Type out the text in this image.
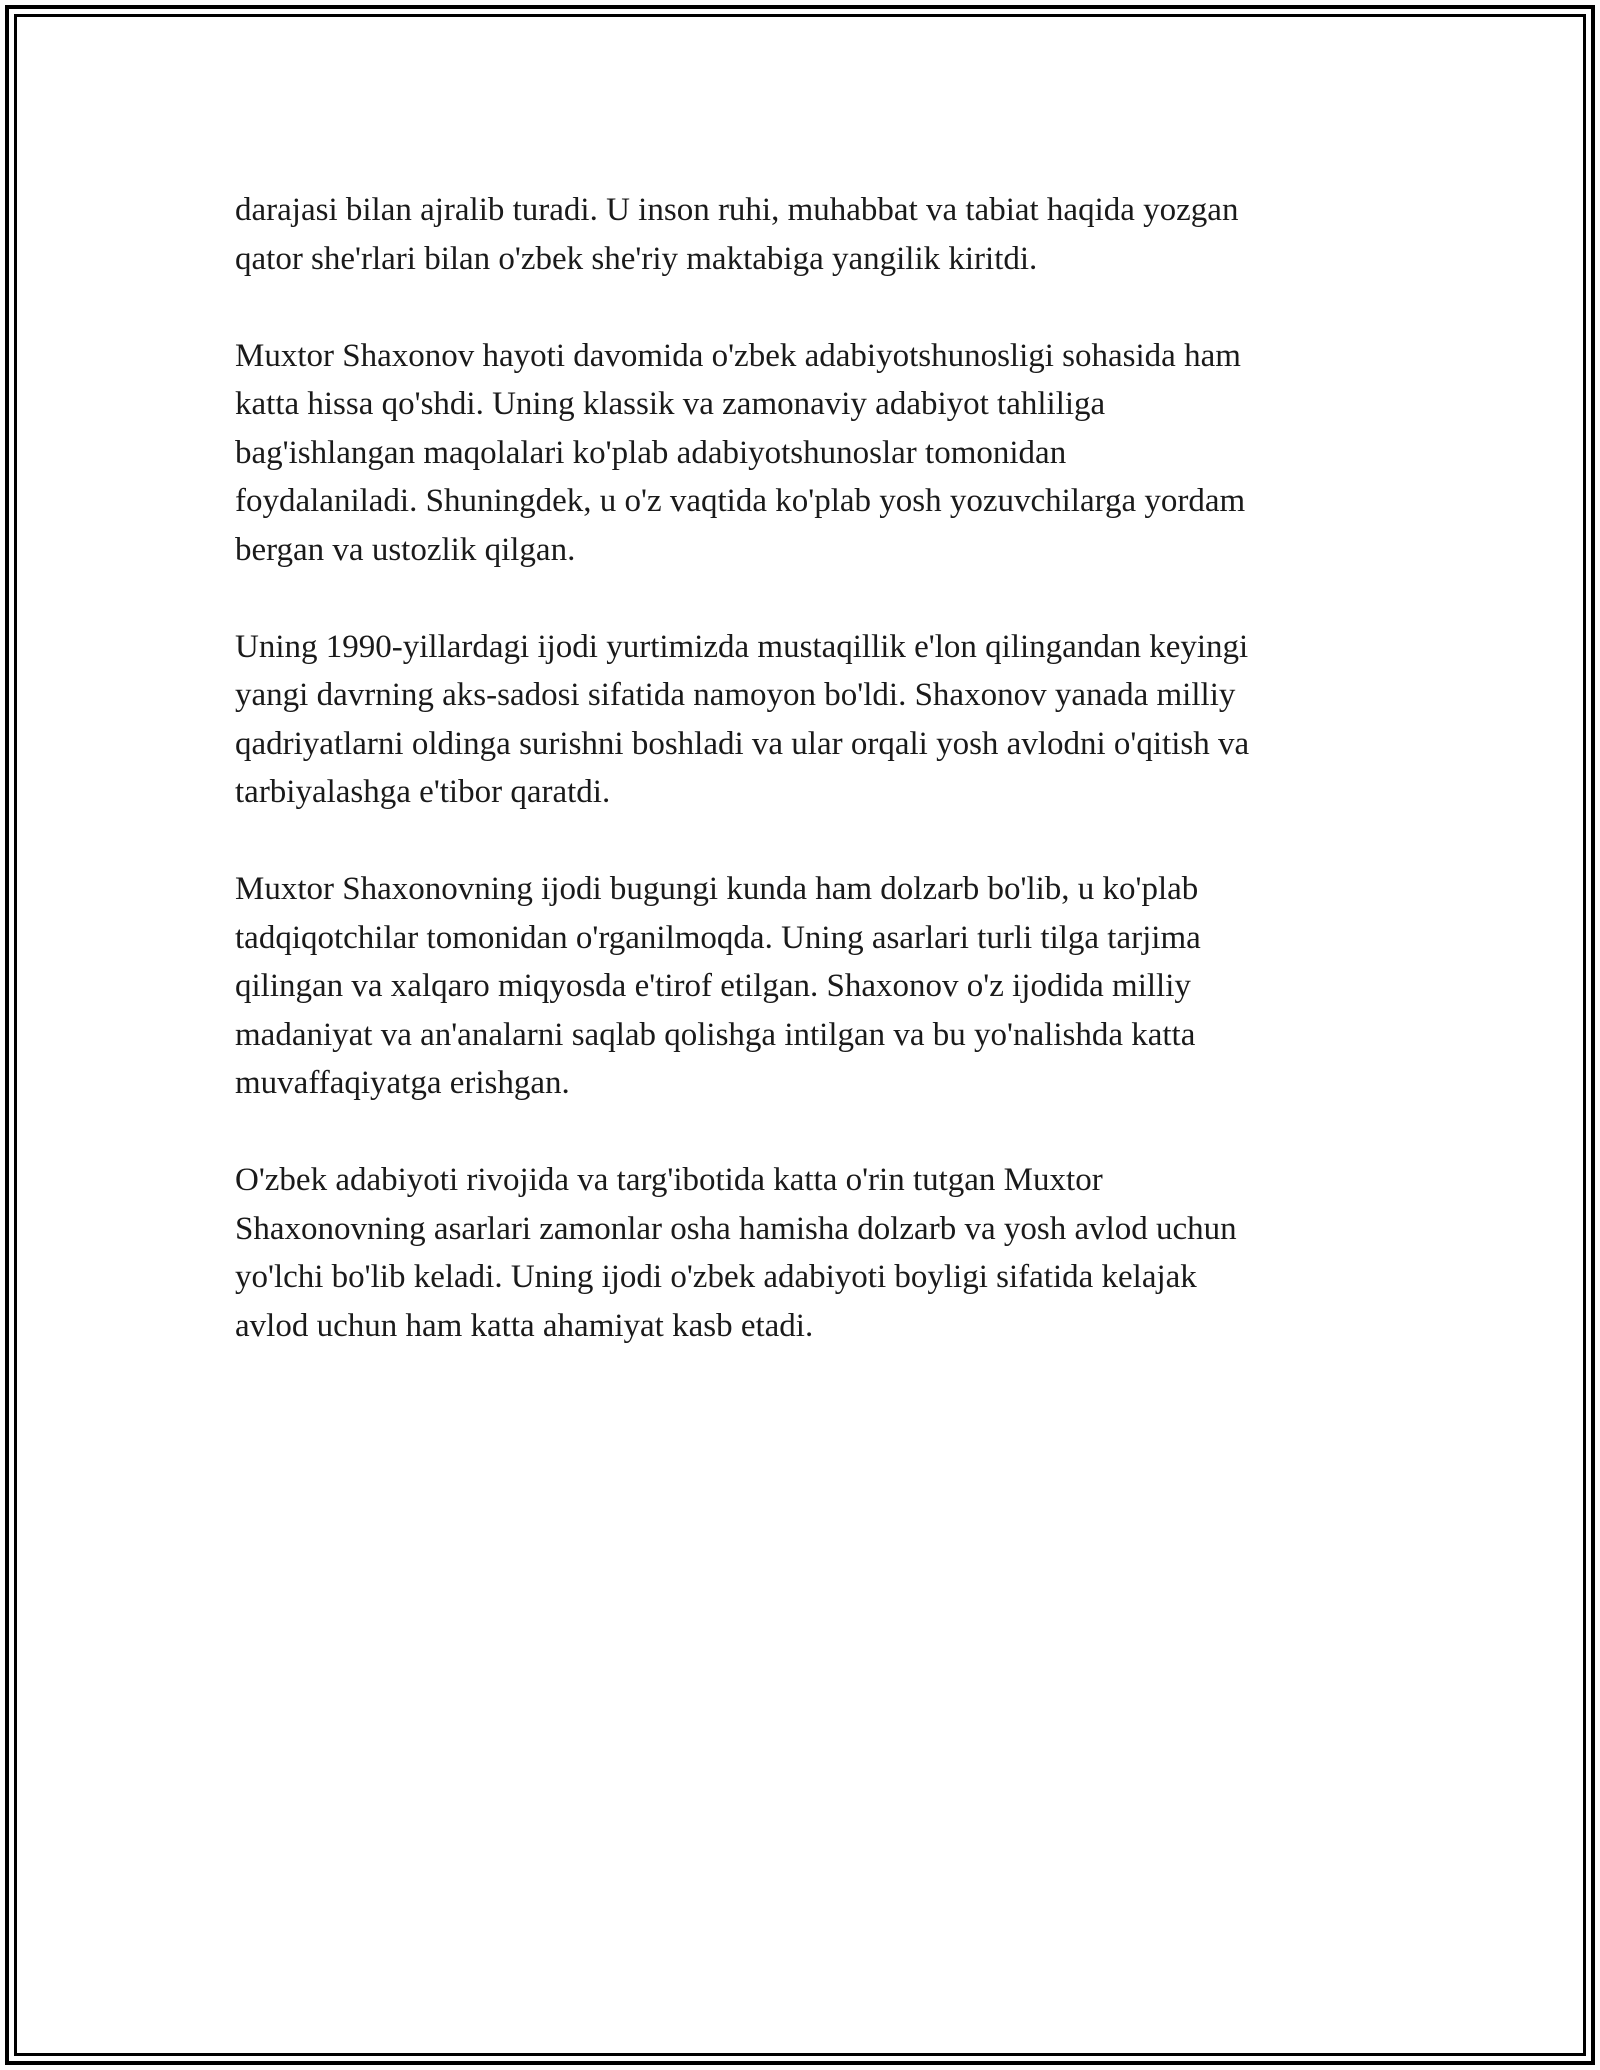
darajasi bilan ajralib turadi. U inson ruhi, muhabbat va tabiat haqida yozgan
qator she'rlari bilan o'zbek she'riy maktabiga yangilik kiritdi.

Muxtor Shaxonov hayoti davomida o'zbek adabiyotshunosligi sohasida ham
katta hissa qo'shdi. Uning klassik va zamonaviy adabiyot tahliliga
bag'ishlangan maqolalari ko'plab adabiyotshunoslar tomonidan
foydalaniladi. Shuningdek, u o'z vaqtida ko'plab yosh yozuvchilarga yordam
bergan va ustozlik qilgan.

Uning 1990-yillardagi ijodi yurtimizda mustaqillik e'lon qilingandan keyingi
yangi davrning aks-sadosi sifatida namoyon bo'ldi. Shaxonov yanada milliy
qadriyatlarni oldinga surishni boshladi va ular orqali yosh avlodni o'qitish va
tarbiyalashga e'tibor qaratdi.

Muxtor Shaxonovning ijodi bugungi kunda ham dolzarb bo'lib, u ko'plab
tadqiqotchilar tomonidan o'rganilmoqda. Uning asarlari turli tilga tarjima
qilingan va xalqaro miqyosda e'tirof etilgan. Shaxonov o'z ijodida milliy
madaniyat va an'analarni saqlab qolishga intilgan va bu yo'nalishda katta
muvaffaqiyatga erishgan.

O'zbek adabiyoti rivojida va targ'ibotida katta o'rin tutgan Muxtor
Shaxonovning asarlari zamonlar osha hamisha dolzarb va yosh avlod uchun
yo'lchi bo'lib keladi. Uning ijodi o'zbek adabiyoti boyligi sifatida kelajak
avlod uchun ham katta ahamiyat kasb etadi.
